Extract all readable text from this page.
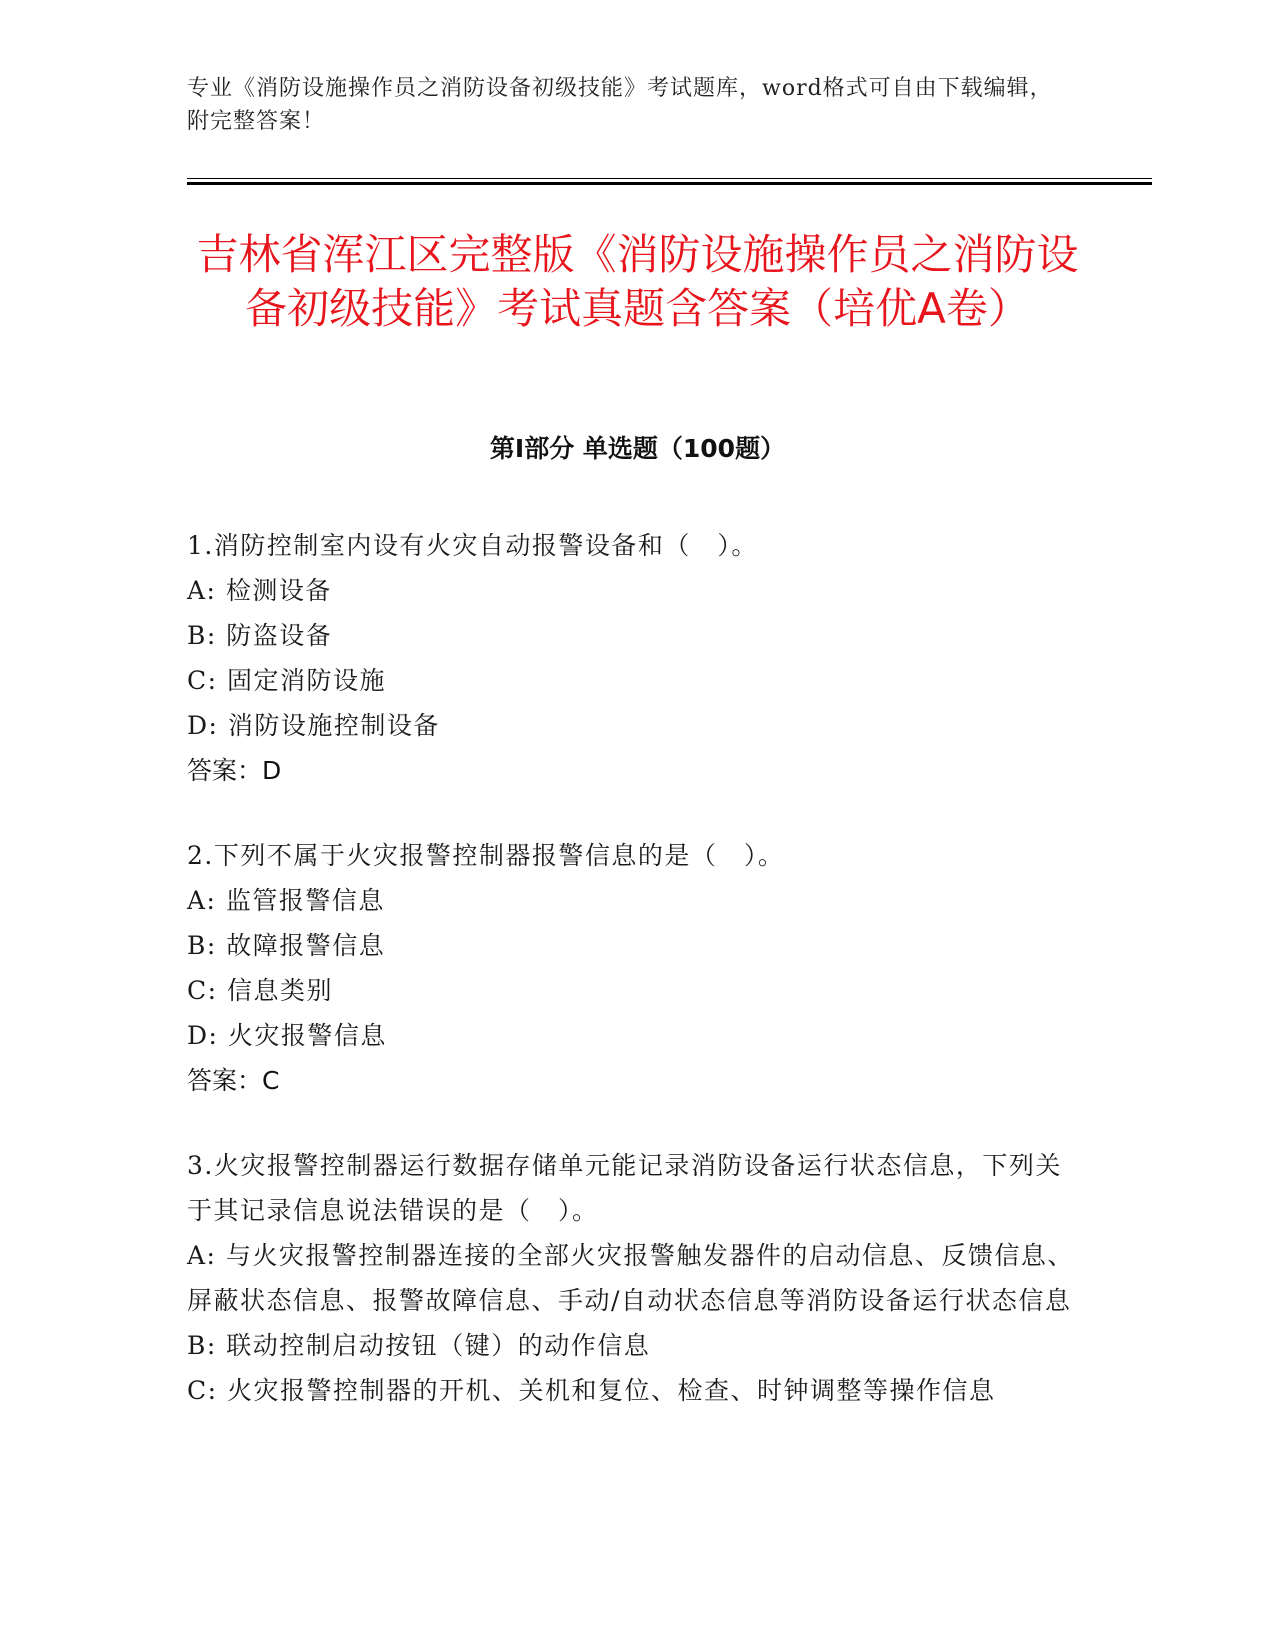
专业《消防设施操作员之消防设备初级技能》考试题库，word格式可自由下载编辑，附完整答案！
吉林省浑江区完整版《消防设施操作员之消防设备初级技能》考试真题含答案（培优A卷）
第I部分 单选题（100题）
1.消防控制室内设有火灾自动报警设备和（　）。
A: 检测设备
B: 防盗设备
C: 固定消防设施
D: 消防设施控制设备
答案：D
2.下列不属于火灾报警控制器报警信息的是（　）。
A: 监管报警信息
B: 故障报警信息
C: 信息类别
D: 火灾报警信息
答案：C
3.火灾报警控制器运行数据存储单元能记录消防设备运行状态信息，下列关于其记录信息说法错误的是（　）。
A: 与火灾报警控制器连接的全部火灾报警触发器件的启动信息、反馈信息、屏蔽状态信息、报警故障信息、手动/自动状态信息等消防设备运行状态信息
B: 联动控制启动按钮（键）的动作信息
C: 火灾报警控制器的开机、关机和复位、检查、时钟调整等操作信息
